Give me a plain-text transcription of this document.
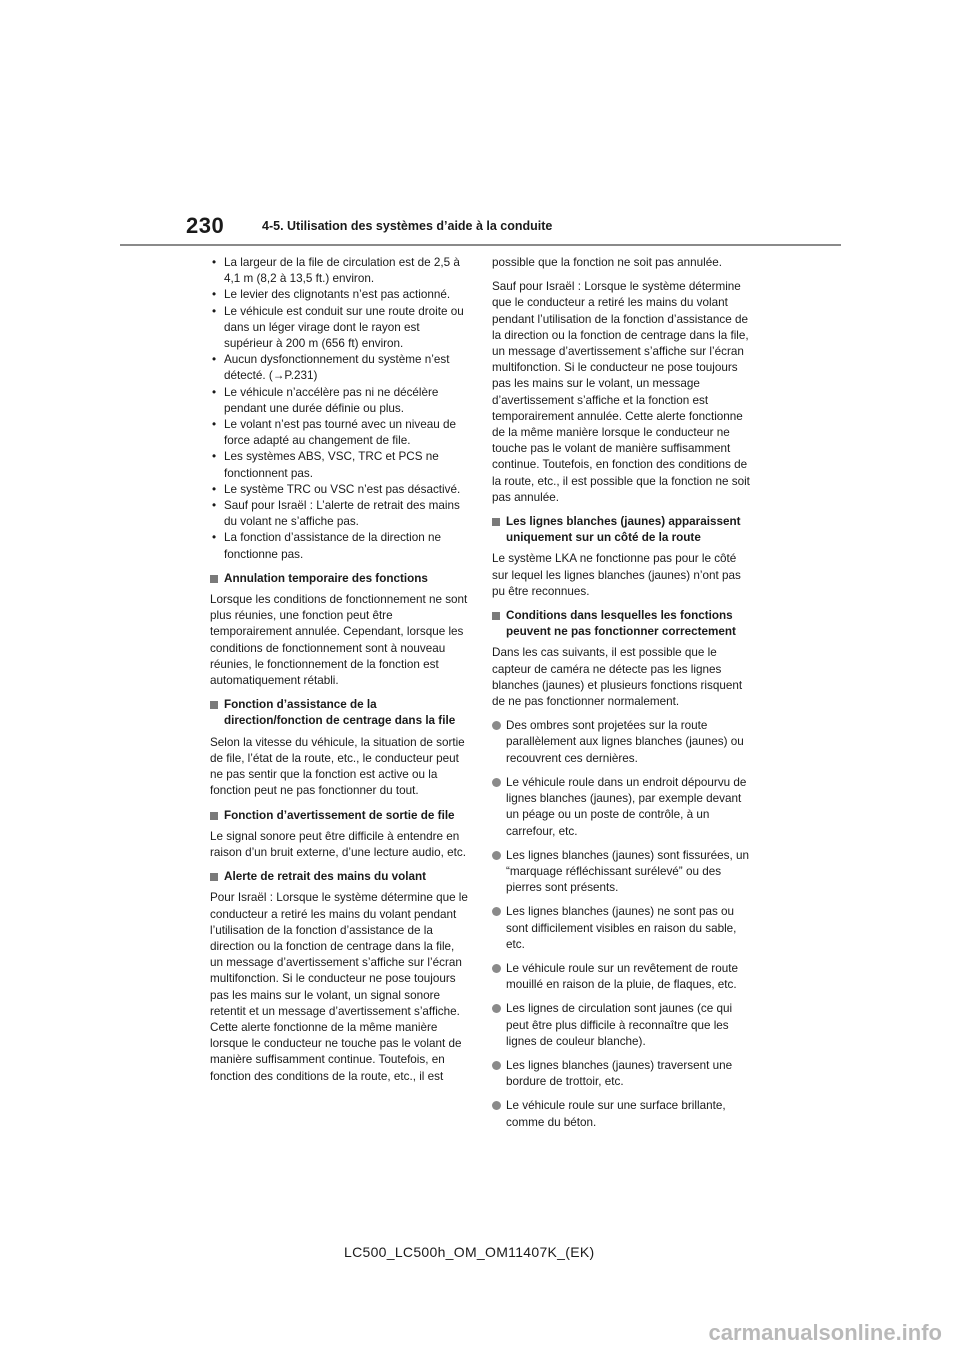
230	4-5. Utilisation des systèmes d’aide à la conduite
• La largeur de la file de circulation est de 2,5 à 4,1 m (8,2 à 13,5 ft.) environ.
• Le levier des clignotants n’est pas actionné.
• Le véhicule est conduit sur une route droite ou dans un léger virage dont le rayon est supérieur à 200 m (656 ft) environ.
• Aucun dysfonctionnement du système n’est détecté. (→P.231)
• Le véhicule n’accélère pas ni ne décélère pendant une durée définie ou plus.
• Le volant n’est pas tourné avec un niveau de force adapté au changement de file.
• Les systèmes ABS, VSC, TRC et PCS ne fonctionnent pas.
• Le système TRC ou VSC n’est pas désactivé.
• Sauf pour Israël : L’alerte de retrait des mains du volant ne s’affiche pas.
• La fonction d’assistance de la direction ne fonctionne pas.
Annulation temporaire des fonctions

Lorsque les conditions de fonctionnement ne sont plus réunies, une fonction peut être temporairement annulée. Cependant, lorsque les conditions de fonctionnement sont à nouveau réunies, le fonctionnement de la fonction est automatiquement rétabli.

Fonction d’assistance de la direction/fonction de centrage dans la file

Selon la vitesse du véhicule, la situation de sortie de file, l’état de la route, etc., le conducteur peut ne pas sentir que la fonction est active ou la fonction peut ne pas fonctionner du tout.

Fonction d’avertissement de sortie de file

Le signal sonore peut être difficile à entendre en raison d’un bruit externe, d’une lecture audio, etc.

Alerte de retrait des mains du volant

Pour Israël : Lorsque le système détermine que le conducteur a retiré les mains du volant pendant l’utilisation de la fonction d’assistance de la direction ou la fonction de centrage dans la file, un message d’avertissement s’affiche sur l’écran multifonction. Si le conducteur ne pose toujours pas les mains sur le volant, un signal sonore retentit et un message d’avertissement s’affiche. Cette alerte fonctionne de la même manière lorsque le conducteur ne touche pas le volant de manière suffisamment continue. Toutefois, en fonction des conditions de la route, etc., il est

possible que la fonction ne soit pas annulée.

Sauf pour Israël : Lorsque le système détermine que le conducteur a retiré les mains du volant pendant l’utilisation de la fonction d’assistance de la direction ou la fonction de centrage dans la file, un message d’avertissement s’affiche sur l’écran multifonction. Si le conducteur ne pose toujours pas les mains sur le volant, un message d’avertissement s’affiche et la fonction est temporairement annulée. Cette alerte fonctionne de la même manière lorsque le conducteur ne touche pas le volant de manière suffisamment continue. Toutefois, en fonction des conditions de la route, etc., il est possible que la fonction ne soit pas annulée.

Les lignes blanches (jaunes) apparaissent uniquement sur un côté de la route

Le système LKA ne fonctionne pas pour le côté sur lequel les lignes blanches (jaunes) n’ont pas pu être reconnues.

Conditions dans lesquelles les fonctions peuvent ne pas fonctionner correctement

Dans les cas suivants, il est possible que le capteur de caméra ne détecte pas les lignes blanches (jaunes) et plusieurs fonctions risquent de ne pas fonctionner normalement.

Des ombres sont projetées sur la route parallèlement aux lignes blanches (jaunes) ou recouvrent ces dernières.
Le véhicule roule dans un endroit dépourvu de lignes blanches (jaunes), par exemple devant un péage ou un poste de contrôle, à un carrefour, etc.
Les lignes blanches (jaunes) sont fissurées, un “marquage réfléchissant surélevé” ou des pierres sont présents.
Les lignes blanches (jaunes) ne sont pas ou sont difficilement visibles en raison du sable, etc.
Le véhicule roule sur un revêtement de route mouillé en raison de la pluie, de flaques, etc.
Les lignes de circulation sont jaunes (ce qui peut être plus difficile à reconnaître que les lignes de couleur blanche).
Les lignes blanches (jaunes) traversent une bordure de trottoir, etc.
Le véhicule roule sur une surface brillante, comme du béton.
LC500_LC500h_OM_OM11407K_(EK)
carmanualsonline.info
